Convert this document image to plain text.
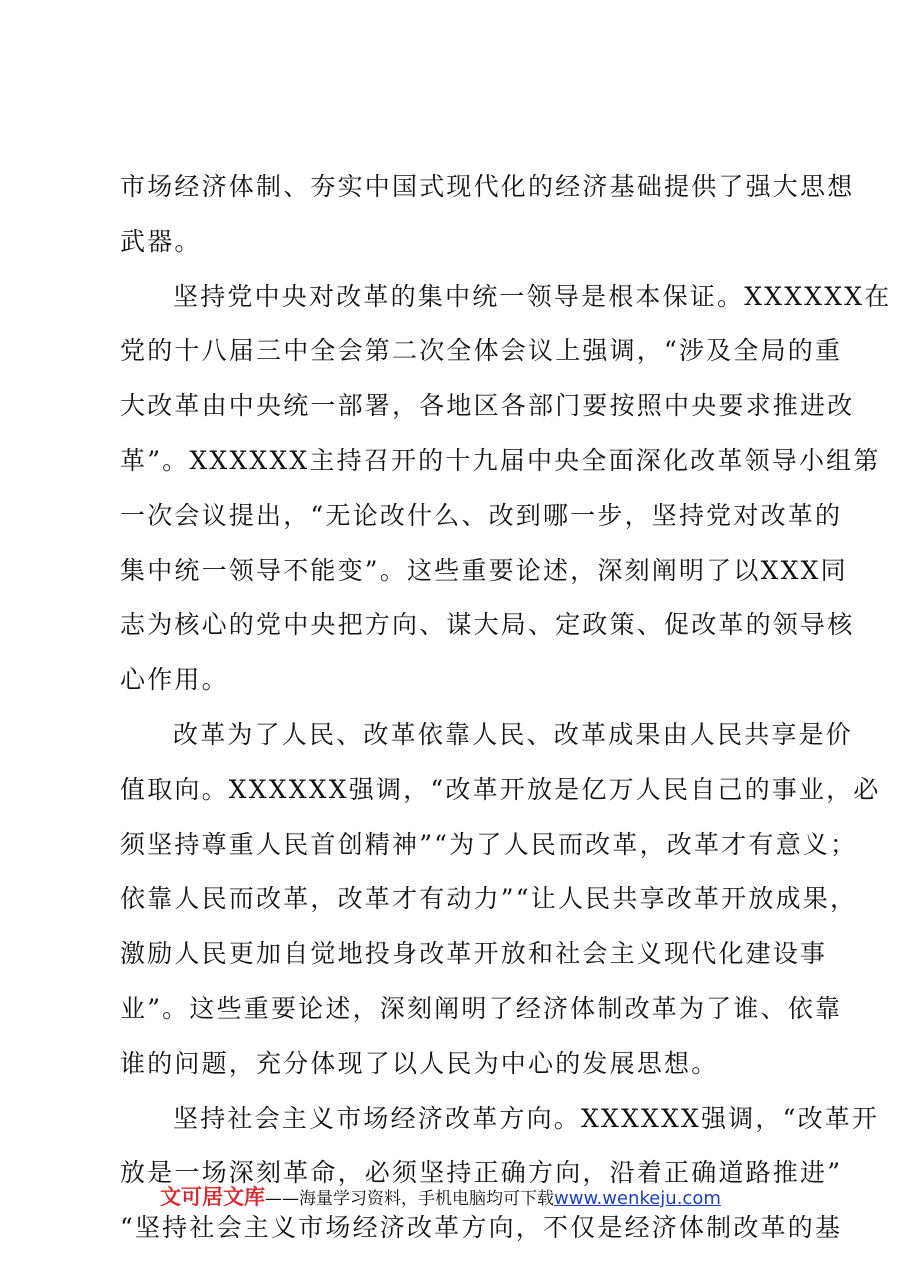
市场经济体制、夯实中国式现代化的经济基础提供了强大思想
武器。
坚持党中央对改革的集中统一领导是根本保证。XXXXXX在
党的十八届三中全会第二次全体会议上强调，“涉及全局的重
大改革由中央统一部署，各地区各部门要按照中央要求推进改
革”。XXXXXX主持召开的十九届中央全面深化改革领导小组第
一次会议提出，“无论改什么、改到哪一步，坚持党对改革的
集中统一领导不能变”。这些重要论述，深刻阐明了以XXX同
志为核心的党中央把方向、谋大局、定政策、促改革的领导核
心作用。
改革为了人民、改革依靠人民、改革成果由人民共享是价
值取向。XXXXXX强调，“改革开放是亿万人民自己的事业，必
须坚持尊重人民首创精神”“为了人民而改革，改革才有意义；
依靠人民而改革，改革才有动力”“让人民共享改革开放成果，
激励人民更加自觉地投身改革开放和社会主义现代化建设事
业”。这些重要论述，深刻阐明了经济体制改革为了谁、依靠
谁的问题，充分体现了以人民为中心的发展思想。
坚持社会主义市场经济改革方向。XXXXXX强调，“改革开
放是一场深刻革命，必须坚持正确方向，沿着正确道路推进”
“坚持社会主义市场经济改革方向，不仅是经济体制改革的基
文可居文库——海量学习资料，手机电脑均可下载www.wenkeju.com
